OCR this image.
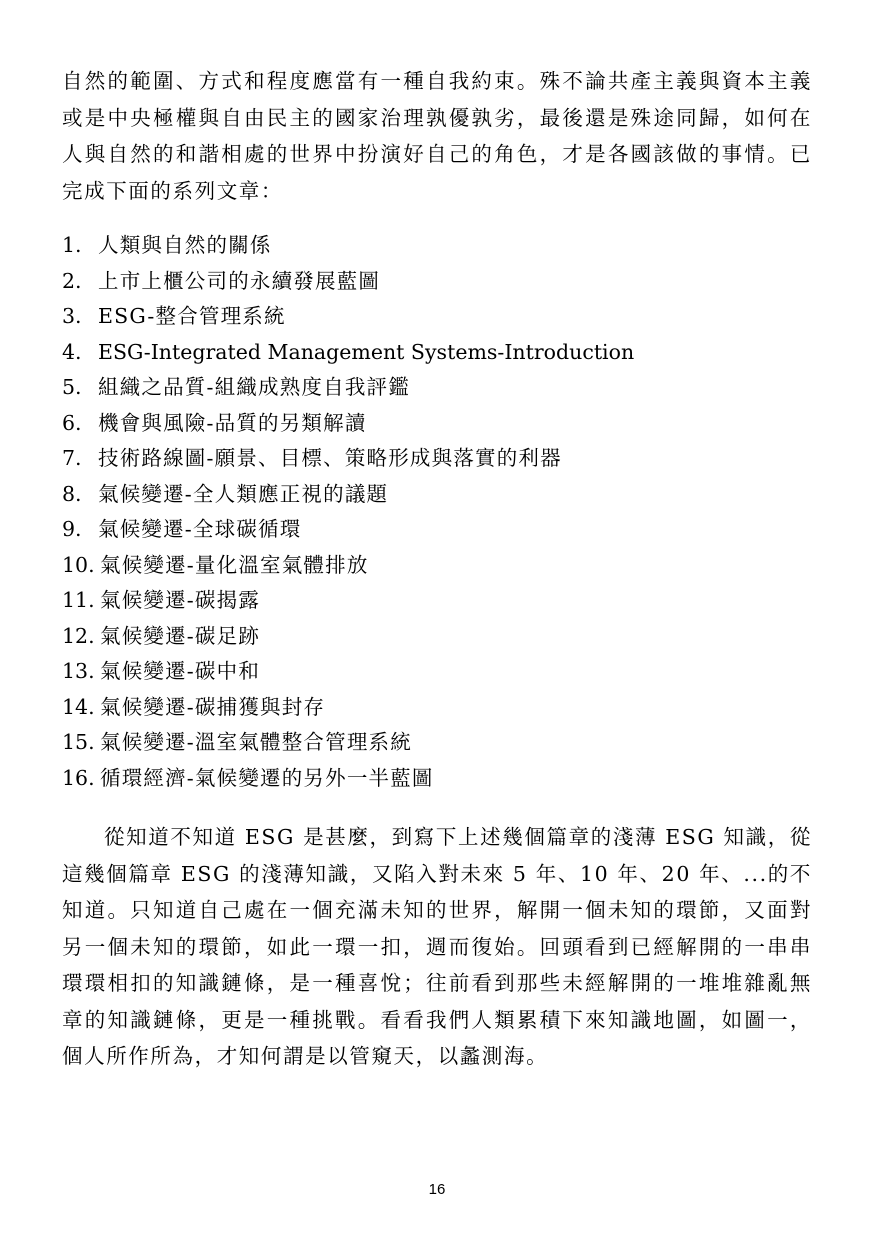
自然的範圍、方式和程度應當有一種自我約束。殊不論共產主義與資本主義或是中央極權與自由民主的國家治理孰優孰劣，最後還是殊途同歸，如何在人與自然的和諧相處的世界中扮演好自己的角色，才是各國該做的事情。已完成下面的系列文章：

1. 人類與自然的關係
2. 上市上櫃公司的永續發展藍圖
3. ESG-整合管理系統
4. ESG-Integrated Management Systems-Introduction
5. 組織之品質-組織成熟度自我評鑑
6. 機會與風險-品質的另類解讀
7. 技術路線圖-願景、目標、策略形成與落實的利器
8. 氣候變遷-全人類應正視的議題
9. 氣候變遷-全球碳循環
10. 氣候變遷-量化溫室氣體排放
11. 氣候變遷-碳揭露
12. 氣候變遷-碳足跡
13. 氣候變遷-碳中和
14. 氣候變遷-碳捕獲與封存
15. 氣候變遷-溫室氣體整合管理系統
16. 循環經濟-氣候變遷的另外一半藍圖

從知道不知道 ESG 是甚麼，到寫下上述幾個篇章的淺薄 ESG 知識，從這幾個篇章 ESG 的淺薄知識，又陷入對未來 5 年、10 年、20 年、...的不知道。只知道自己處在一個充滿未知的世界，解開一個未知的環節，又面對另一個未知的環節，如此一環一扣，週而復始。回頭看到已經解開的一串串環環相扣的知識鏈條，是一種喜悅；往前看到那些未經解開的一堆堆雜亂無章的知識鏈條，更是一種挑戰。看看我們人類累積下來知識地圖，如圖一，個人所作所為，才知何謂是以管窺天，以蠡測海。

16
